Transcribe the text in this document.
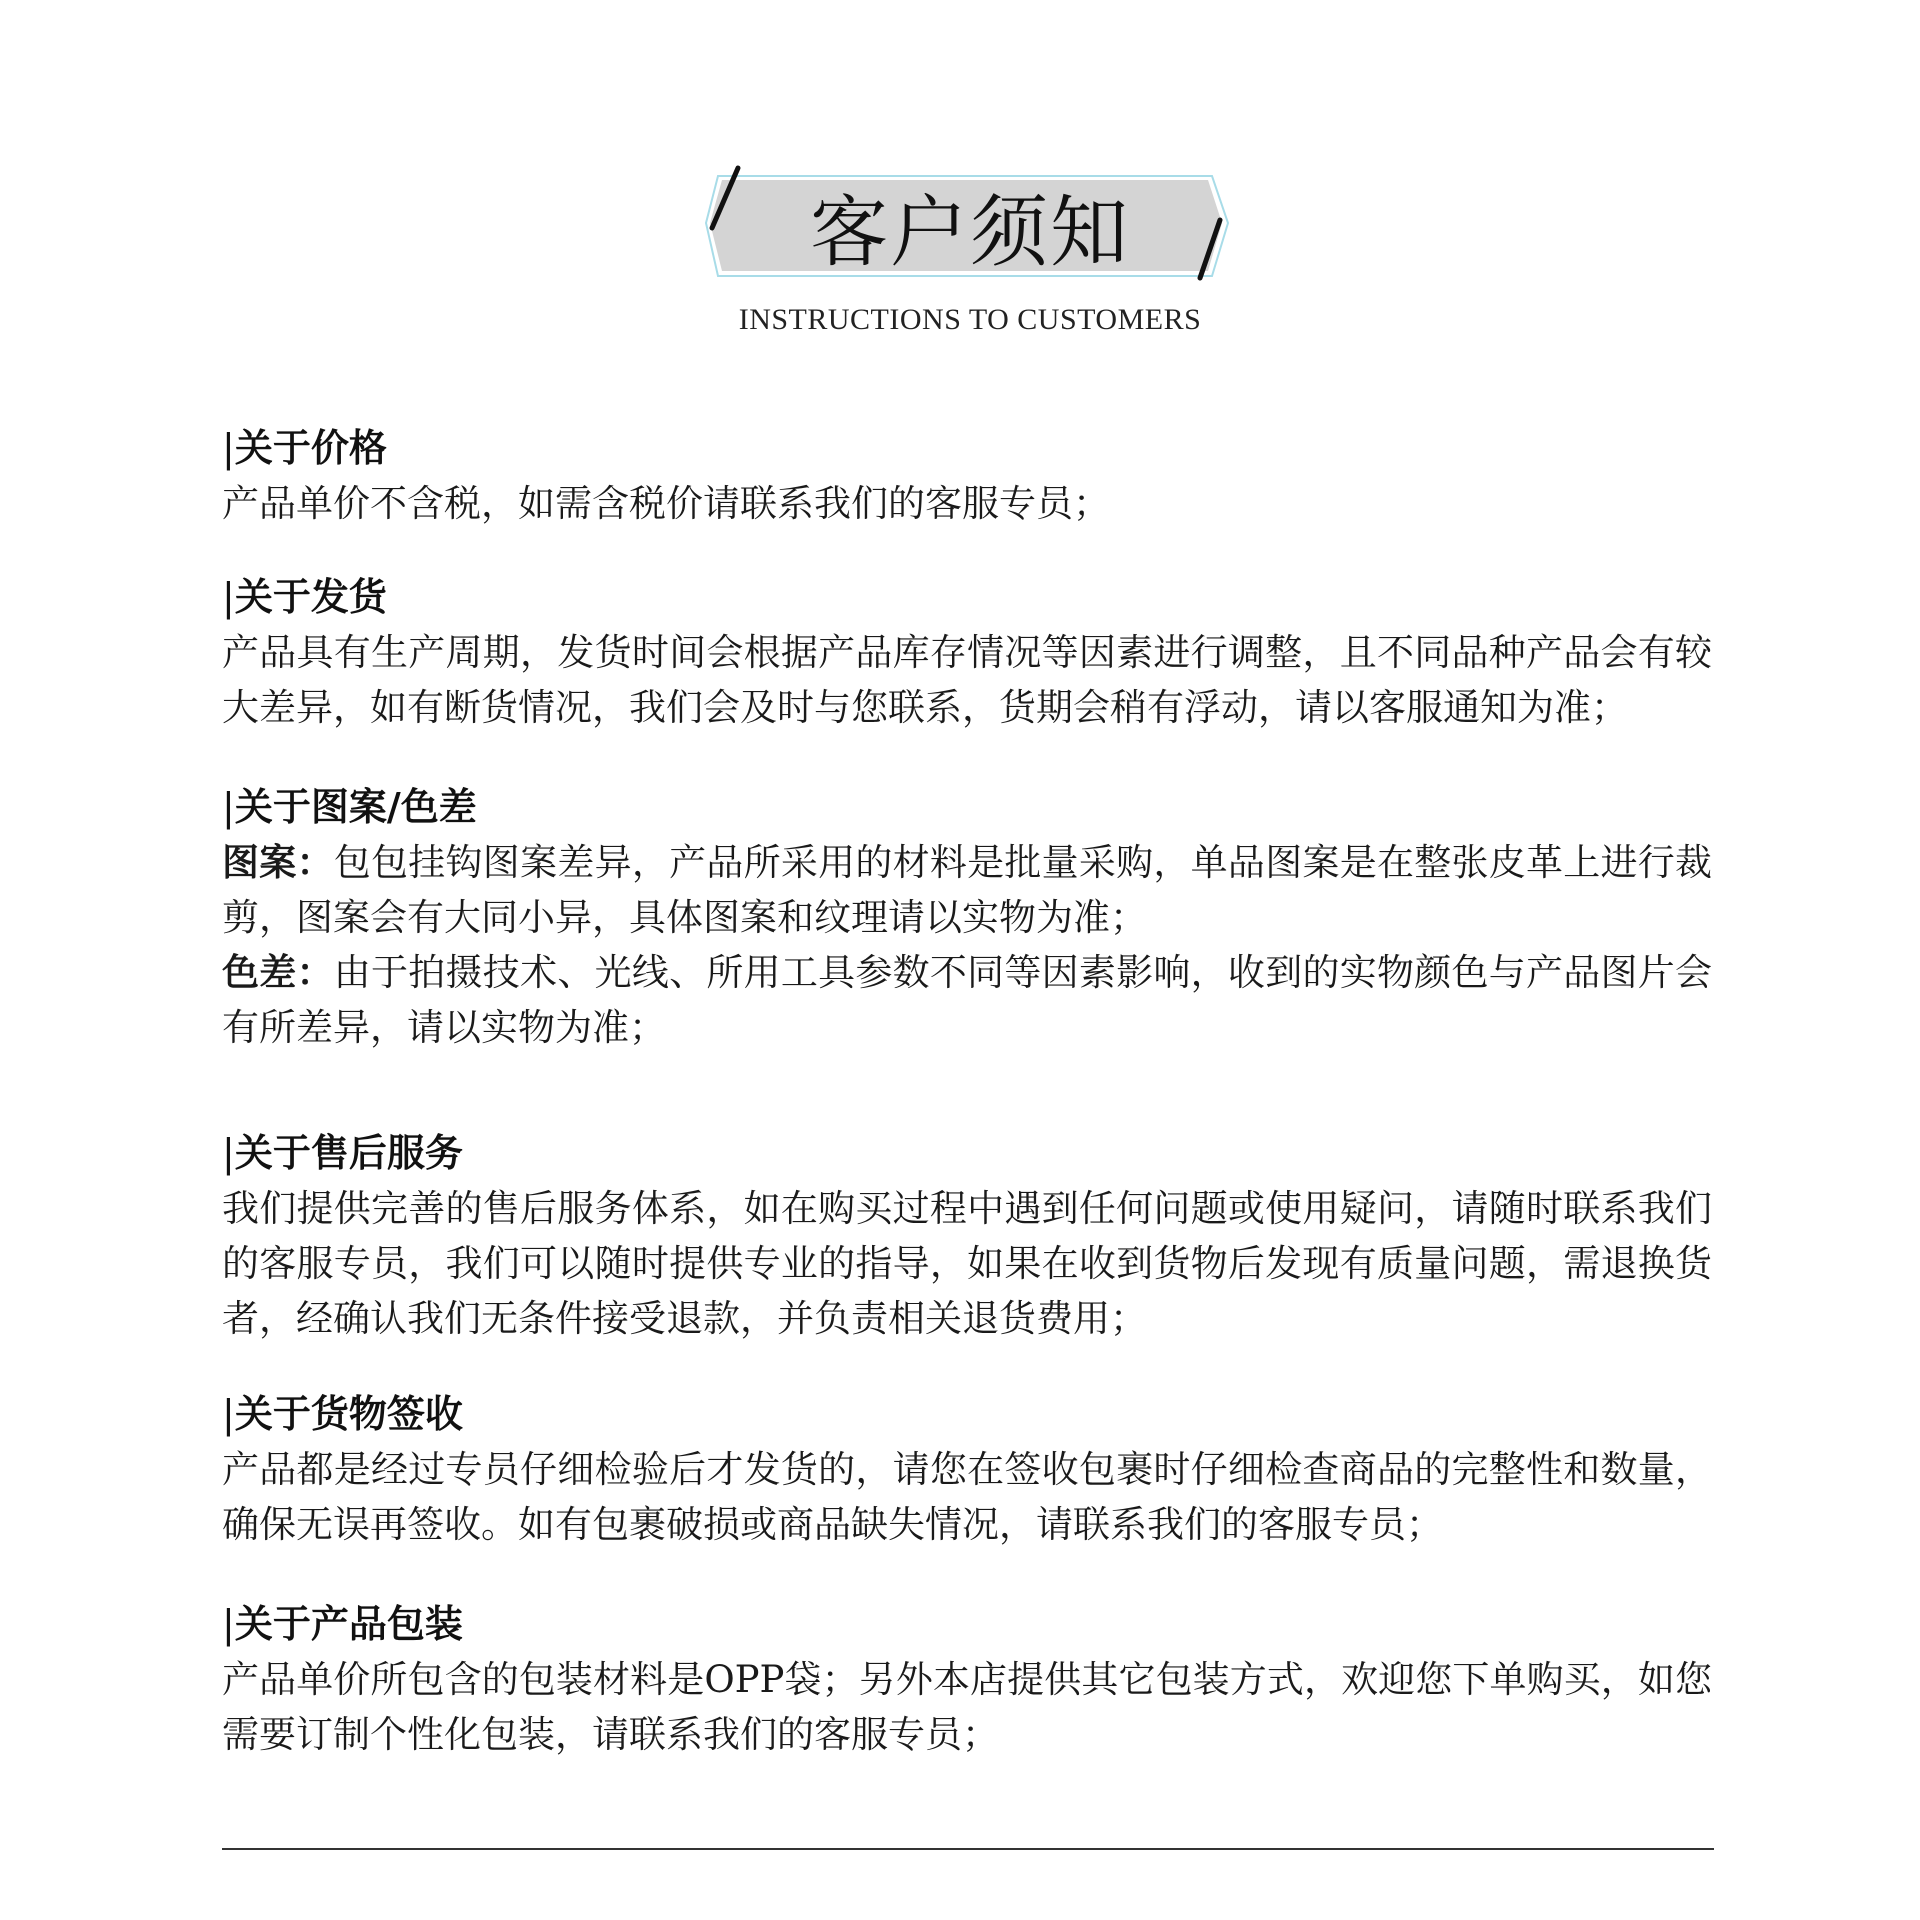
客户须知
INSTRUCTIONS TO CUSTOMERS
|关于价格
产品单价不含税，如需含税价请联系我们的客服专员；
|关于发货
产品具有生产周期，发货时间会根据产品库存情况等因素进行调整，且不同品种产品会有较大差异，如有断货情况，我们会及时与您联系，货期会稍有浮动，请以客服通知为准；
|关于图案/色差
图案：包包挂钩图案差异，产品所采用的材料是批量采购，单品图案是在整张皮革上进行裁剪，图案会有大同小异，具体图案和纹理请以实物为准；
色差：由于拍摄技术、光线、所用工具参数不同等因素影响，收到的实物颜色与产品图片会有所差异，请以实物为准；
|关于售后服务
我们提供完善的售后服务体系，如在购买过程中遇到任何问题或使用疑问，请随时联系我们的客服专员，我们可以随时提供专业的指导，如果在收到货物后发现有质量问题，需退换货者，经确认我们无条件接受退款，并负责相关退货费用；
|关于货物签收
产品都是经过专员仔细检验后才发货的，请您在签收包裹时仔细检查商品的完整性和数量，确保无误再签收。如有包裹破损或商品缺失情况，请联系我们的客服专员；
|关于产品包装
产品单价所包含的包装材料是OPP袋；另外本店提供其它包装方式，欢迎您下单购买，如您需要订制个性化包装，请联系我们的客服专员；
